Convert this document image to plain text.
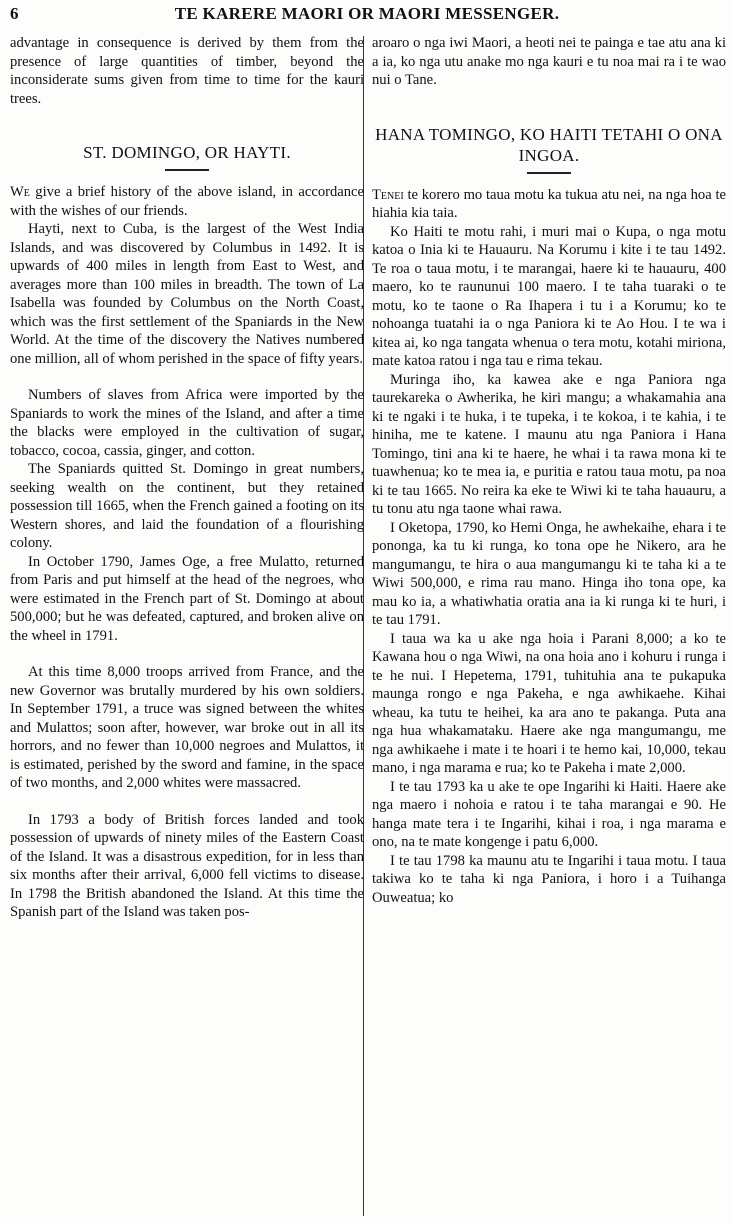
6	TE KARERE MAORI OR MAORI MESSENGER.

advantage in consequence is derived by them from the presence of large quantities of timber, beyond the inconsiderate sums given from time to time for the kauri trees.

ST. DOMINGO, OR HAYTI.

We give a brief history of the above island, in accordance with the wishes of our friends.

Hayti, next to Cuba, is the largest of the West India Islands, and was discovered by Columbus in 1492. It is upwards of 400 miles in length from East to West, and averages more than 100 miles in breadth. The town of La Isabella was founded by Columbus on the North Coast, which was the first settlement of the Spaniards in the New World. At the time of the discovery the Natives numbered one million, all of whom perished in the space of fifty years.

Numbers of slaves from Africa were imported by the Spaniards to work the mines of the Island, and after a time the blacks were employed in the cultivation of sugar, tobacco, cocoa, cassia, ginger, and cotton.

The Spaniards quitted St. Domingo in great numbers, seeking wealth on the continent, but they retained possession till 1665, when the French gained a footing on its Western shores, and laid the foundation of a flourishing colony.

In October 1790, James Oge, a free Mulatto, returned from Paris and put himself at the head of the negroes, who were estimated in the French part of St. Domingo at about 500,000; but he was defeated, captured, and broken alive on the wheel in 1791.

At this time 8,000 troops arrived from France, and the new Governor was brutally murdered by his own soldiers. In September 1791, a truce was signed between the whites and Mulattos; soon after, however, war broke out in all its horrors, and no fewer than 10,000 negroes and Mulattos, it is estimated, perished by the sword and famine, in the space of two months, and 2,000 whites were massacred.

In 1793 a body of British forces landed and took possession of upwards of ninety miles of the Eastern Coast of the Island. It was a disastrous expedition, for in less than six months after their arrival, 6,000 fell victims to disease. In 1798 the British abandoned the Island. At this time the Spanish part of the Island was taken pos-

aroaro o nga iwi Maori, a heoti nei te painga e tae atu ana ki a ia, ko nga utu anake mo nga kauri e tu noa mai ra i te wao nui o Tane.

HANA TOMINGO, KO HAITI TETAHI O ONA INGOA.

Tenei te korero mo taua motu ka tukua atu nei, na nga hoa te hiahia kia taia.

Ko Haiti te motu rahi, i muri mai o Kupa, o nga motu katoa o Inia ki te Hauauru. Na Korumu i kite i te tau 1492. Te roa o taua motu, i te marangai, haere ki te hauauru, 400 maero, ko te raununui 100 maero. I te taha tuaraki o te motu, ko te taone o Ra Ihapera i tu i a Korumu; ko te nohoanga tuatahi ia o nga Paniora ki te Ao Hou. I te wa i kitea ai, ko nga tangata whenua o tera motu, kotahi miriona, mate katoa ratou i nga tau e rima tekau.

Muringa iho, ka kawea ake e nga Paniora nga taurekareka o Awherika, he kiri mangu; a whakamahia ana ki te ngaki i te huka, i te tupeka, i te kokoa, i te kahia, i te hiniha, me te katene. I maunu atu nga Paniora i Hana Tomingo, tini ana ki te haere, he whai i ta rawa mona ki te tuawhenua; ko te mea ia, e puritia e ratou taua motu, pa noa ki te tau 1665. No reira ka eke te Wiwi ki te taha hauauru, a tu tonu atu nga taone whai rawa.

I Oketopa, 1790, ko Hemi Onga, he awhekaihe, ehara i te pononga, ka tu ki runga, ko tona ope he Nikero, ara he mangumangu, te hira o aua mangumangu ki te taha ki a te Wiwi 500,000, e rima rau mano. Hinga iho tona ope, ka mau ko ia, a whatiwhatia oratia ana ia ki runga ki te huri, i te tau 1791.

I taua wa ka u ake nga hoia i Parani 8,000; a ko te Kawana hou o nga Wiwi, na ona hoia ano i kohuru i runga i te he nui. I Hepetema, 1791, tuhituhia ana te pukapuka maunga rongo e nga Pakeha, e nga awhikaehe. Kihai wheau, ka tutu te heihei, ka ara ano te pakanga. Puta ana nga hua whakamataku. Haere ake nga mangumangu, me nga awhikaehe i mate i te hoari i te hemo kai, 10,000, tekau mano, i nga marama e rua; ko te Pakeha i mate 2,000.

I te tau 1793 ka u ake te ope Ingarihi ki Haiti. Haere ake nga maero i nohoia e ratou i te taha marangai e 90. He hanga mate tera i te Ingarihi, kihai i roa, i nga marama e ono, na te mate kongenge i patu 6,000.

I te tau 1798 ka maunu atu te Ingarihi i taua motu. I taua takiwa ko te taha ki nga Paniora, i horo i a Tuihanga Ouweatua; ko
